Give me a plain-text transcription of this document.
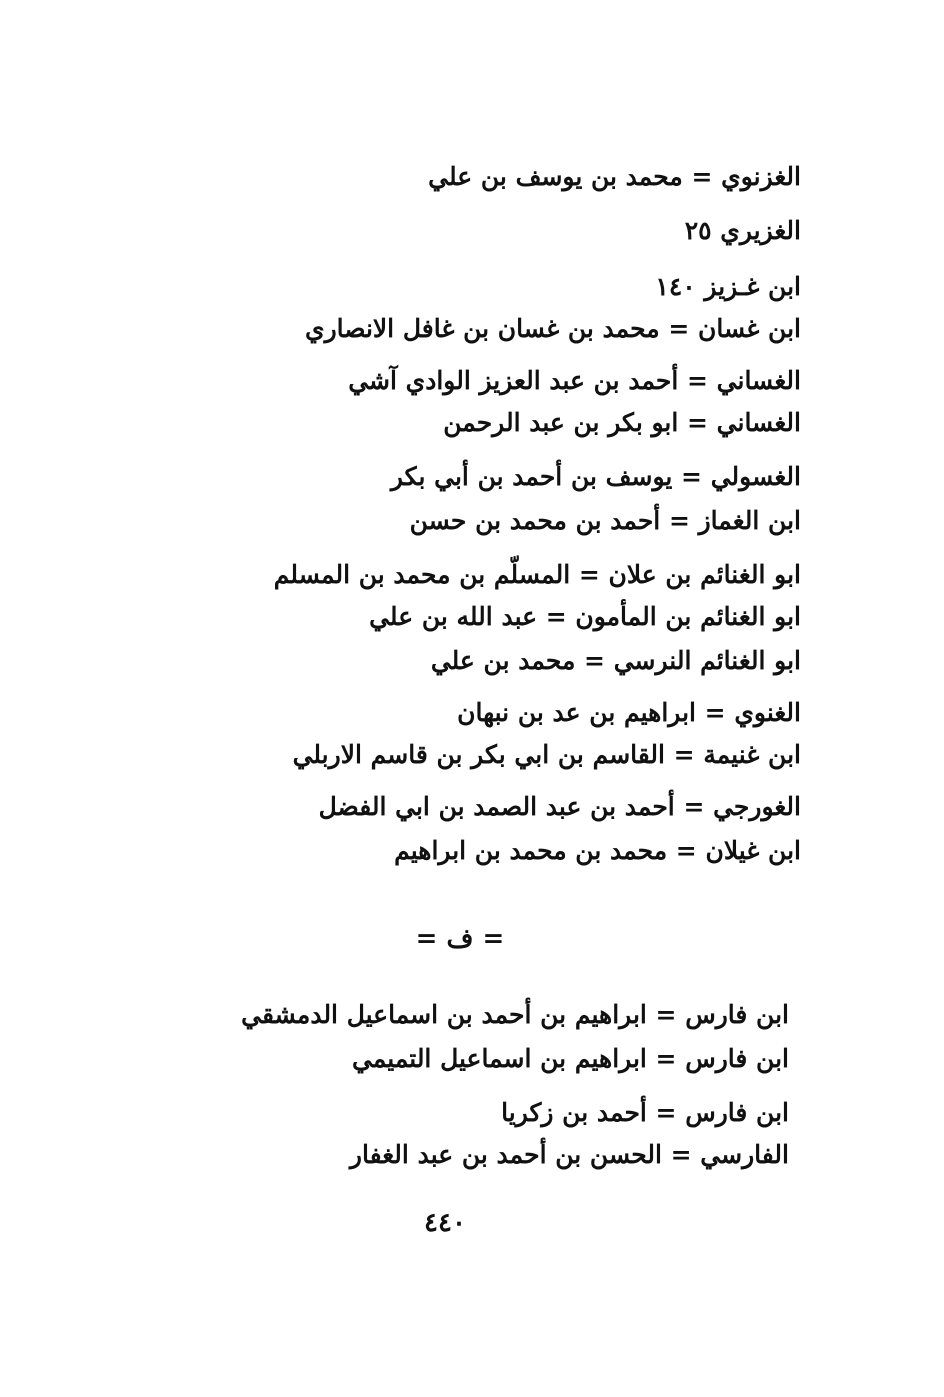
الغزنوي = محمد بن يوسف بن علي
الغزيري ٢٥
ابن غـزيز ١٤٠
ابن غسان = محمد بن غسان بن غافل الانصاري
الغساني = أحمد بن عبد العزيز الوادي آشي
الغساني = ابو بكر بن عبد الرحمن
الغسولي = يوسف بن أحمد بن أبي بكر
ابن الغماز = أحمد بن محمد بن حسن
ابو الغنائم بن علان = المسلّم بن محمد بن المسلم
ابو الغنائم بن المأمون = عبد الله بن علي
ابو الغنائم النرسي = محمد بن علي
الغنوي = ابراهيم بن عد بن نبهان
ابن غنيمة = القاسم بن ابي بكر بن قاسم الاربلي
الغورجي = أحمد بن عبد الصمد بن ابي الفضل
ابن غيلان = محمد بن محمد بن ابراهيم
= ف =
ابن فارس = ابراهيم بن أحمد بن اسماعيل الدمشقي
ابن فارس = ابراهيم بن اسماعيل التميمي
ابن فارس = أحمد بن زكريا
الفارسي = الحسن بن أحمد بن عبد الغفار
٤٤٠
